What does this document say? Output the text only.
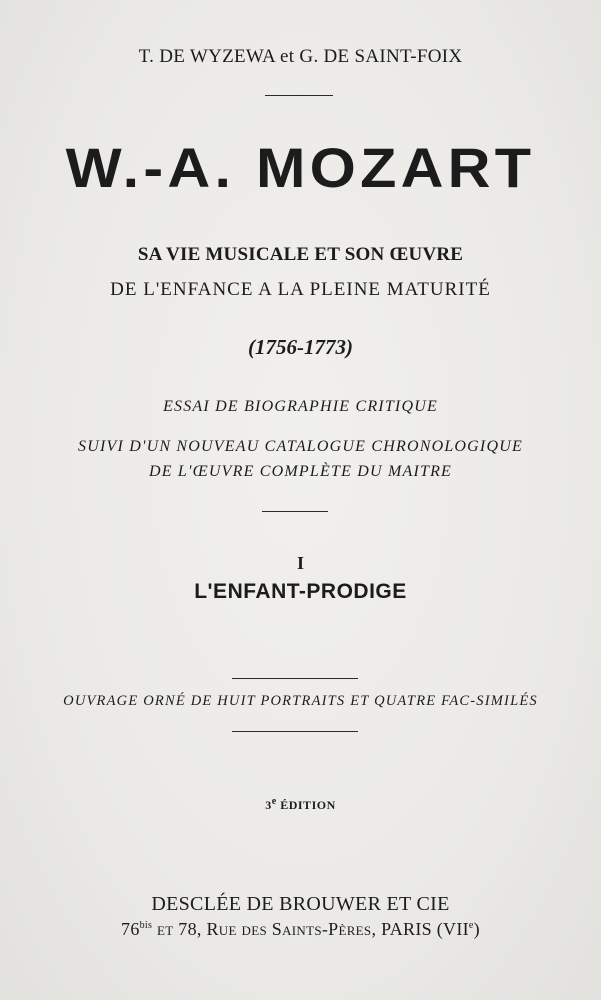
T. DE WYZEWA et G. DE SAINT-FOIX
W.-A. MOZART
SA VIE MUSICALE ET SON ŒUVRE
DE L'ENFANCE A LA PLEINE MATURITÉ
(1756-1773)
ESSAI DE BIOGRAPHIE CRITIQUE
SUIVI D'UN NOUVEAU CATALOGUE CHRONOLOGIQUE
DE L'ŒUVRE COMPLÈTE DU MAITRE
I
L'ENFANT-PRODIGE
OUVRAGE ORNÉ DE HUIT PORTRAITS ET QUATRE FAC-SIMILÉS
3e ÉDITION
DESCLÉE DE BROUWER ET CIE
$76^{bis}$ et 78, Rue des Saints-Pères, PARIS (VIIe)
